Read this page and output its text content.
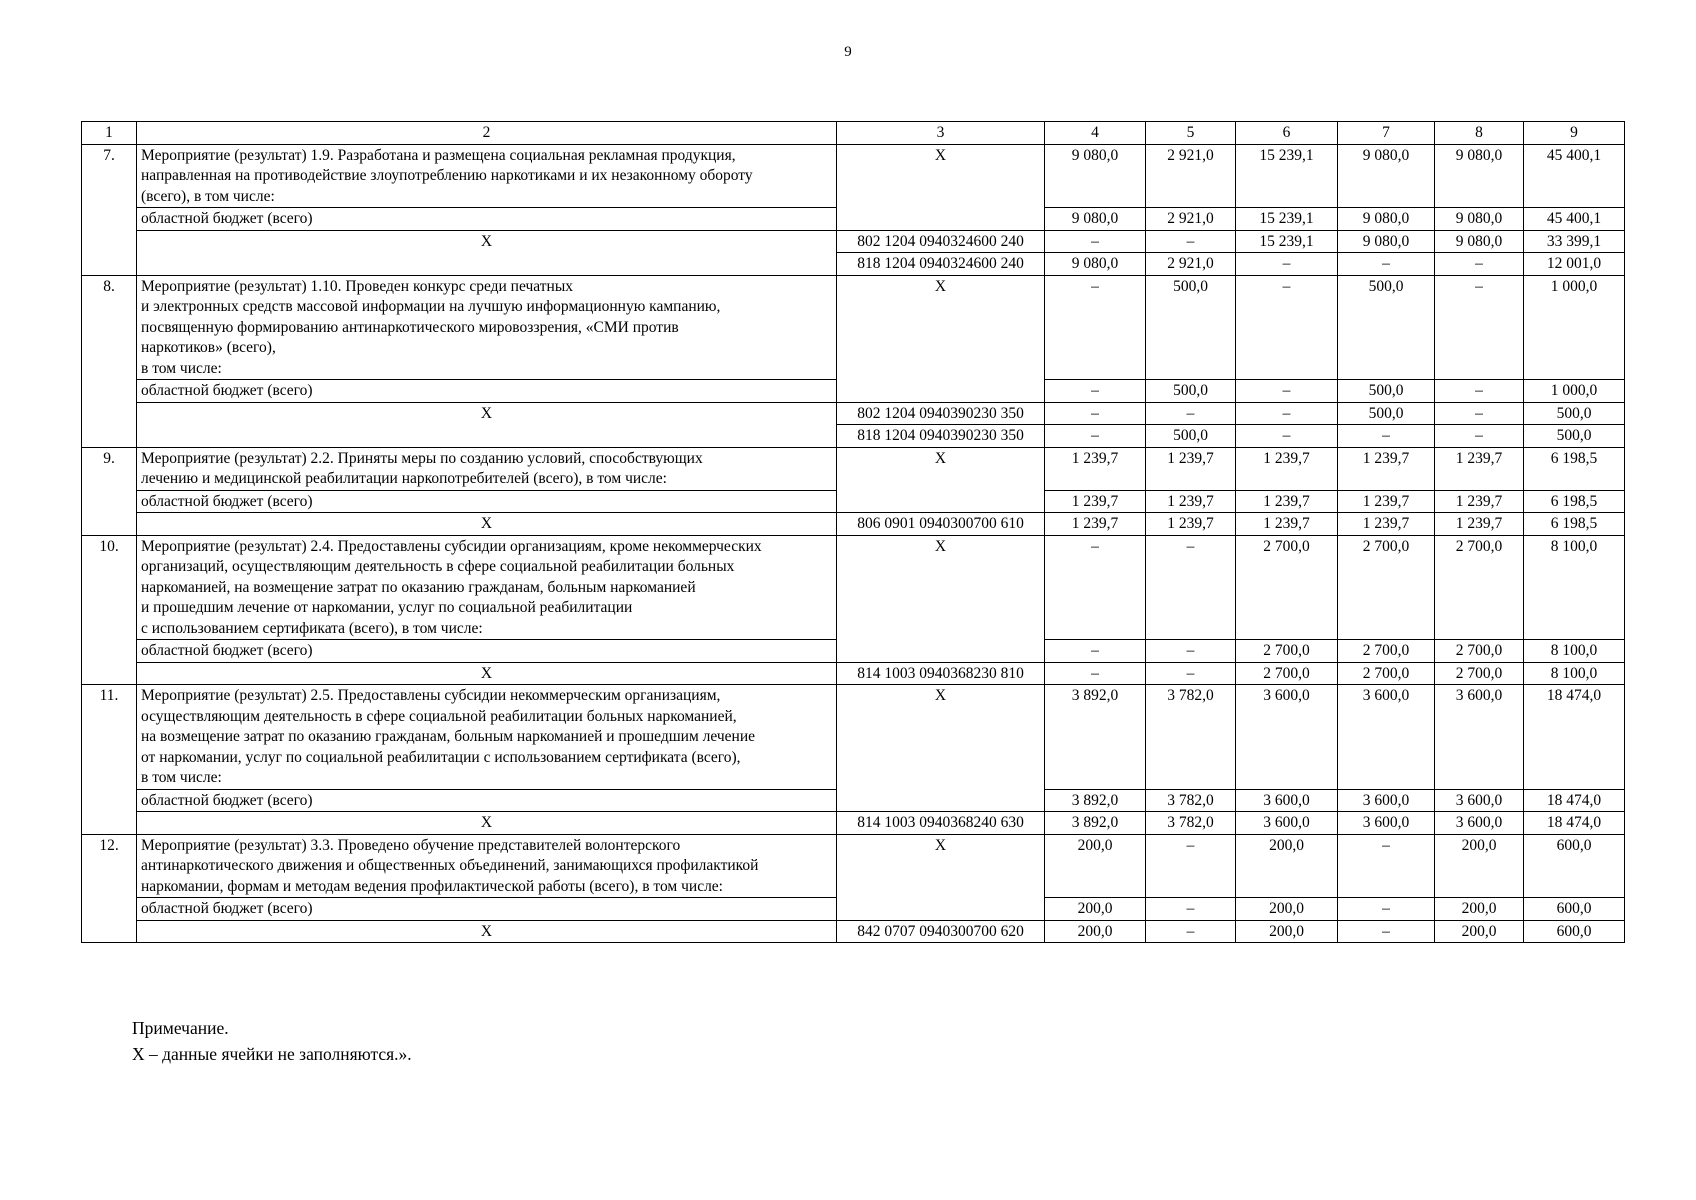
9
1	2	3	4	5	6	7	8	9
7.	Мероприятие (результат) 1.9. Разработана и размещена социальная рекламная продукция,
направленная на противодействие злоупотреблению наркотиками и их незаконному обороту
(всего), в том числе:	X	9 080,0	2 921,0	15 239,1	9 080,0	9 080,0	45 400,1
	областной бюджет (всего)		9 080,0	2 921,0	15 239,1	9 080,0	9 080,0	45 400,1
	X	802 1204 0940324600 240	–	–	15 239,1	9 080,0	9 080,0	33 399,1
		818 1204 0940324600 240	9 080,0	2 921,0	–	–	–	12 001,0
8.	Мероприятие (результат) 1.10. Проведен конкурс среди печатных
и электронных средств массовой информации на лучшую информационную кампанию,
посвященную формированию антинаркотического мировоззрения, «СМИ против
наркотиков» (всего),
в том числе:	X	–	500,0	–	500,0	–	1 000,0
	областной бюджет (всего)		–	500,0	–	500,0	–	1 000,0
	X	802 1204 0940390230 350	–	–	–	500,0	–	500,0
		818 1204 0940390230 350	–	500,0	–	–	–	500,0
9.	Мероприятие (результат) 2.2. Приняты меры по созданию условий, способствующих
лечению и медицинской реабилитации наркопотребителей (всего), в том числе:	X	1 239,7	1 239,7	1 239,7	1 239,7	1 239,7	6 198,5
	областной бюджет (всего)		1 239,7	1 239,7	1 239,7	1 239,7	1 239,7	6 198,5
	X	806 0901 0940300700 610	1 239,7	1 239,7	1 239,7	1 239,7	1 239,7	6 198,5
10.	Мероприятие (результат) 2.4. Предоставлены субсидии организациям, кроме некоммерческих
организаций, осуществляющим деятельность в сфере социальной реабилитации больных
наркоманией, на возмещение затрат по оказанию гражданам, больным наркоманией
и прошедшим лечение от наркомании, услуг по социальной реабилитации
с использованием сертификата (всего), в том числе:	X	–	–	2 700,0	2 700,0	2 700,0	8 100,0
	областной бюджет (всего)		–	–	2 700,0	2 700,0	2 700,0	8 100,0
	X	814 1003 0940368230 810	–	–	2 700,0	2 700,0	2 700,0	8 100,0
11.	Мероприятие (результат) 2.5. Предоставлены субсидии некоммерческим организациям,
осуществляющим деятельность в сфере социальной реабилитации больных наркоманией,
на возмещение затрат по оказанию гражданам, больным наркоманией и прошедшим лечение
от наркомании, услуг по социальной реабилитации с использованием сертификата (всего),
в том числе:	X	3 892,0	3 782,0	3 600,0	3 600,0	3 600,0	18 474,0
	областной бюджет (всего)		3 892,0	3 782,0	3 600,0	3 600,0	3 600,0	18 474,0
	X	814 1003 0940368240 630	3 892,0	3 782,0	3 600,0	3 600,0	3 600,0	18 474,0
12.	Мероприятие (результат) 3.3. Проведено обучение представителей волонтерского
антинаркотического движения и общественных объединений, занимающихся профилактикой
наркомании, формам и методам ведения профилактической работы (всего), в том числе:	X	200,0	–	200,0	–	200,0	600,0
	областной бюджет (всего)		200,0	–	200,0	–	200,0	600,0
	X	842 0707 0940300700 620	200,0	–	200,0	–	200,0	600,0
Примечание.
X – данные ячейки не заполняются.».
